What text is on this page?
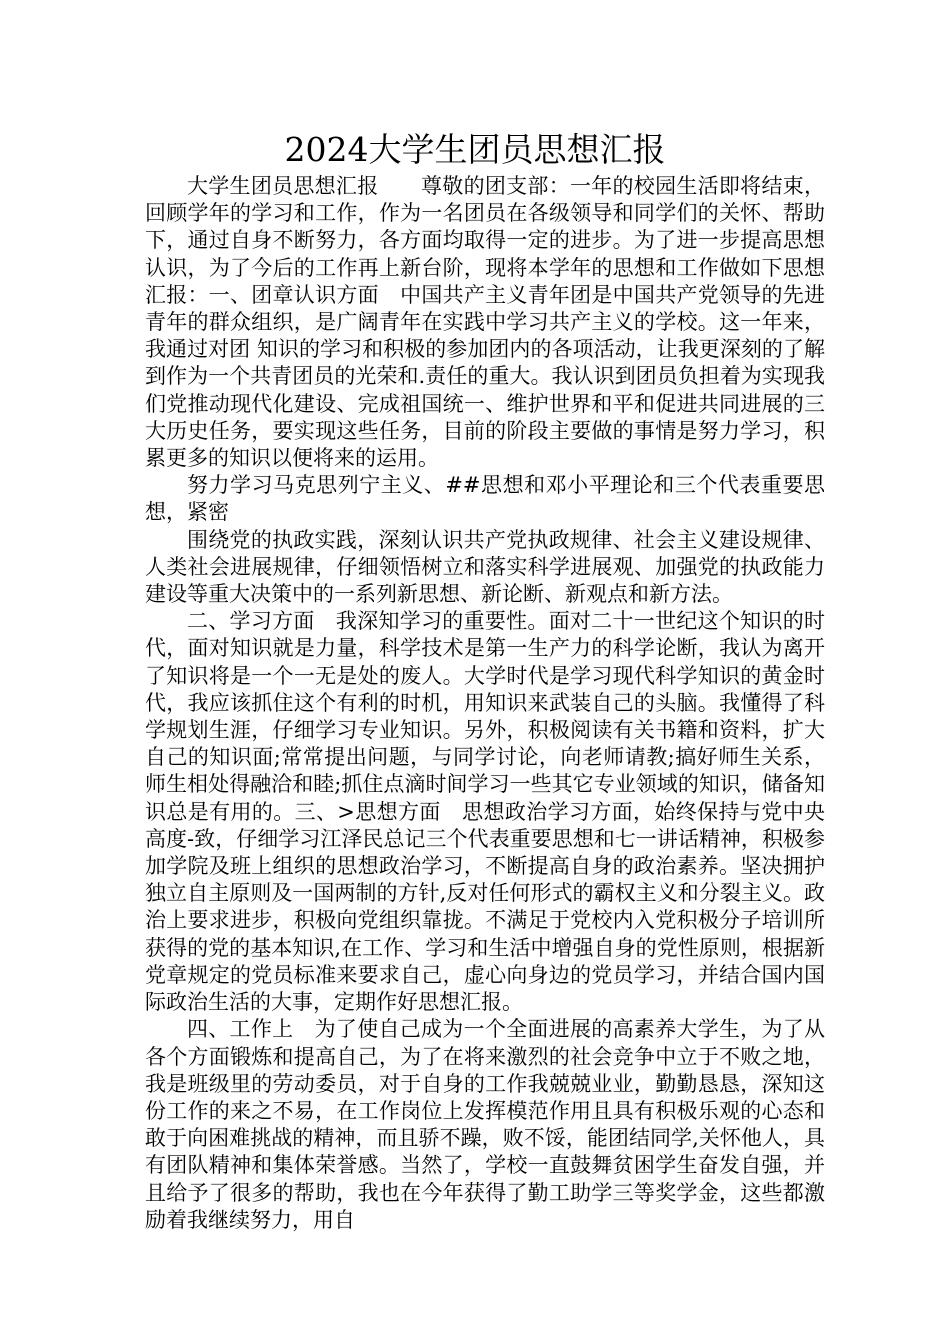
2024大学生团员思想汇报

大学生团员思想汇报　　尊敬的团支部：一年的校园生活即将结束，回顾学年的学习和工作，作为一名团员在各级领导和同学们的关怀、帮助下，通过自身不断努力，各方面均取得一定的进步。为了进一步提高思想认识，为了今后的工作再上新台阶，现将本学年的思想和工作做如下思想汇报：一、团章认识方面　中国共产主义青年团是中国共产党领导的先进青年的群众组织，是广阔青年在实践中学习共产主义的学校。这一年来，我通过对团 知识的学习和积极的参加团内的各项活动，让我更深刻的了解到作为一个共青团员的光荣和.责任的重大。我认识到团员负担着为实现我们党推动现代化建设、完成祖国统一、维护世界和平和促进共同进展的三大历史任务，要实现这些任务，目前的阶段主要做的事情是努力学习，积累更多的知识以便将来的运用。

努力学习马克思列宁主义、##思想和邓小平理论和三个代表重要思想，紧密

围绕党的执政实践，深刻认识共产党执政规律、社会主义建设规律、人类社会进展规律，仔细领悟树立和落实科学进展观、加强党的执政能力建设等重大决策中的一系列新思想、新论断、新观点和新方法。

二、学习方面　我深知学习的重要性。面对二十一世纪这个知识的时代，面对知识就是力量，科学技术是第一生产力的科学论断，我认为离开了知识将是一个一无是处的废人。大学时代是学习现代科学知识的黄金时代，我应该抓住这个有利的时机，用知识来武装自己的头脑。我懂得了科学规划生涯，仔细学习专业知识。另外，积极阅读有关书籍和资料，扩大自己的知识面;常常提出问题，与同学讨论，向老师请教;搞好师生关系，师生相处得融洽和睦;抓住点滴时间学习一些其它专业领域的知识，储备知识总是有用的。三、>思想方面　思想政治学习方面，始终保持与党中央高度-致，仔细学习江泽民总记三个代表重要思想和七一讲话精神，积极参加学院及班上组织的思想政治学习，不断提高自身的政治素养。坚决拥护独立自主原则及一国两制的方针,反对任何形式的霸权主义和分裂主义。政治上要求进步，积极向党组织靠拢。不满足于党校内入党积极分子培训所获得的党的基本知识,在工作、学习和生活中增强自身的党性原则，根据新党章规定的党员标准来要求自己，虚心向身边的党员学习，并结合国内国际政治生活的大事，定期作好思想汇报。

四、工作上　为了使自己成为一个全面进展的高素养大学生，为了从各个方面锻炼和提高自己，为了在将来激烈的社会竞争中立于不败之地，我是班级里的劳动委员，对于自身的工作我兢兢业业，勤勤恳恳，深知这份工作的来之不易，在工作岗位上发挥模范作用且具有积极乐观的心态和敢于向困难挑战的精神，而且骄不躁，败不馁，能团结同学,关怀他人，具有团队精神和集体荣誉感。当然了，学校一直鼓舞贫困学生奋发自强，并且给予了很多的帮助，我也在今年获得了勤工助学三等奖学金，这些都激励着我继续努力，用自
